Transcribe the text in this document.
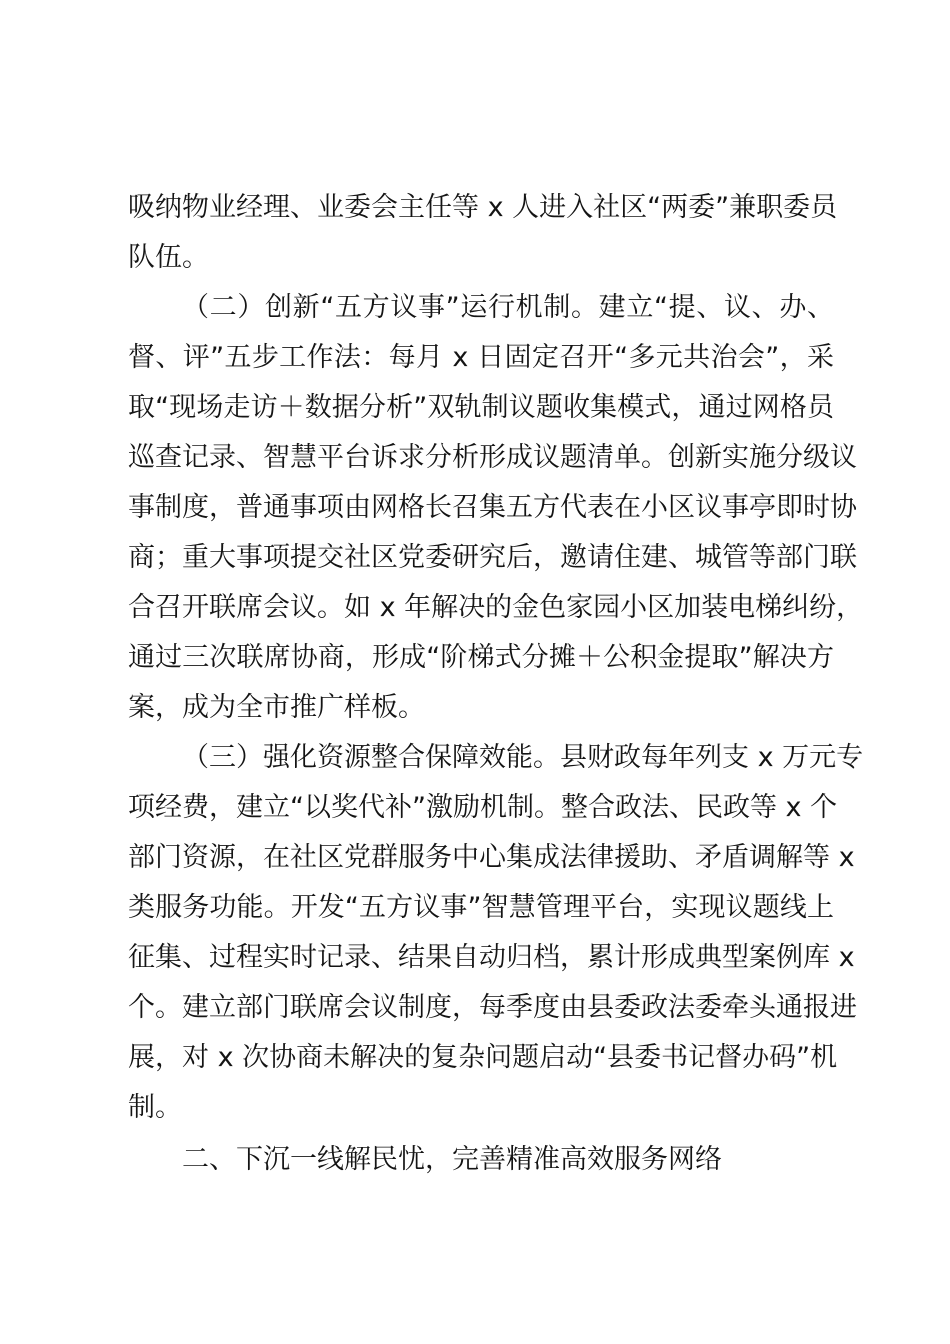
吸纳物业经理、业委会主任等 x 人进入社区“两委”兼职委员
队伍。
（二）创新“五方议事”运行机制。建立“提、议、办、
督、评”五步工作法：每月 x 日固定召开“多元共治会”，采
取“现场走访＋数据分析”双轨制议题收集模式，通过网格员
巡查记录、智慧平台诉求分析形成议题清单。创新实施分级议
事制度，普通事项由网格长召集五方代表在小区议事亭即时协
商；重大事项提交社区党委研究后，邀请住建、城管等部门联
合召开联席会议。如 x 年解决的金色家园小区加装电梯纠纷，
通过三次联席协商，形成“阶梯式分摊＋公积金提取”解决方
案，成为全市推广样板。
（三）强化资源整合保障效能。县财政每年列支 x 万元专
项经费，建立“以奖代补”激励机制。整合政法、民政等 x 个
部门资源，在社区党群服务中心集成法律援助、矛盾调解等 x
类服务功能。开发“五方议事”智慧管理平台，实现议题线上
征集、过程实时记录、结果自动归档，累计形成典型案例库 x
个。建立部门联席会议制度，每季度由县委政法委牵头通报进
展，对 x 次协商未解决的复杂问题启动“县委书记督办码”机
制。
二、下沉一线解民忧，完善精准高效服务网络
